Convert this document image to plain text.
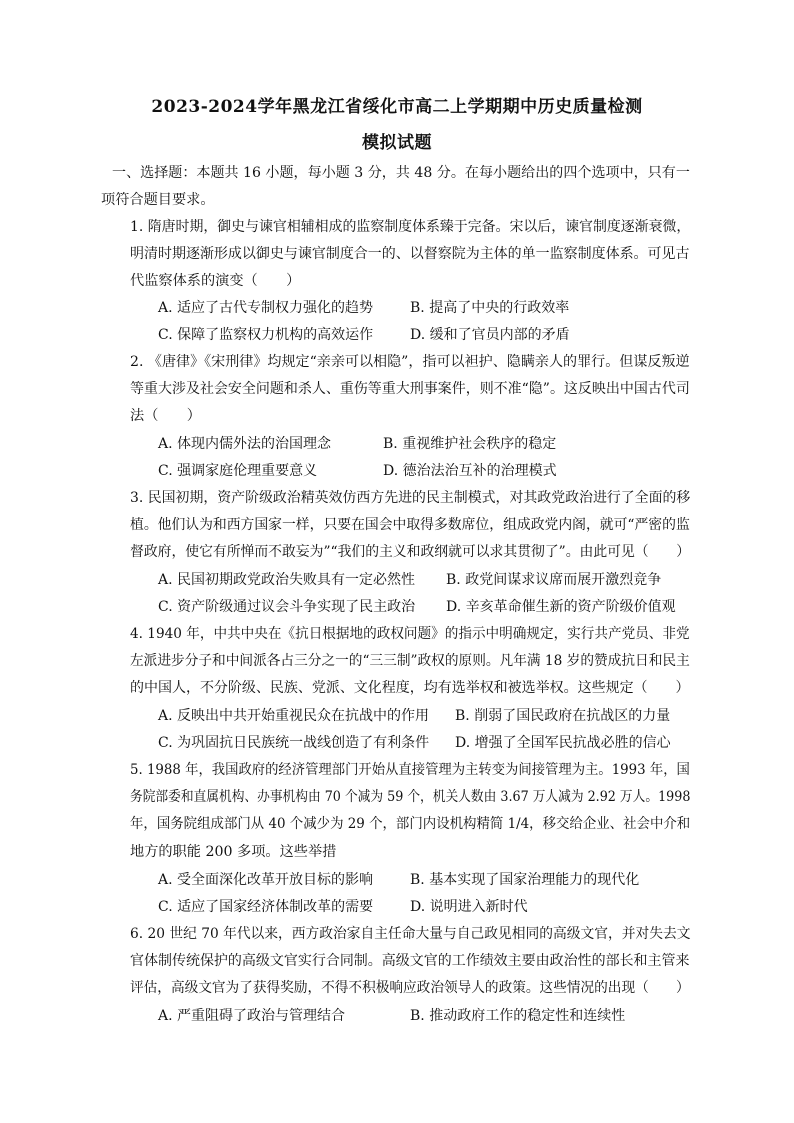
2023-2024学年黑龙江省绥化市高二上学期期中历史质量检测
模拟试题
一、选择题：本题共 16 小题，每小题 3 分，共 48 分。在每小题给出的四个选项中，只有一
项符合题目要求。
1. 隋唐时期，御史与谏官相辅相成的监察制度体系臻于完备。宋以后，谏官制度逐渐衰微，
明清时期逐渐形成以御史与谏官制度合一的、以督察院为主体的单一监察制度体系。可见古
代监察体系的演变（　　）
A. 适应了古代专制权力强化的趋势	B. 提高了中央的行政效率
C. 保障了监察权力机构的高效运作	D. 缓和了官员内部的矛盾
2. 《唐律》《宋刑律》均规定“亲亲可以相隐”，指可以袒护、隐瞒亲人的罪行。但谋反叛逆
等重大涉及社会安全问题和杀人、重伤等重大刑事案件，则不准“隐”。这反映出中国古代司
法（　　）
A. 体现内儒外法的治国理念	B. 重视维护社会秩序的稳定
C. 强调家庭伦理重要意义	D. 德治法治互补的治理模式
3. 民国初期，资产阶级政治精英效仿西方先进的民主制模式，对其政党政治进行了全面的移
植。他们认为和西方国家一样，只要在国会中取得多数席位，组成政党内阁，就可“严密的监
督政府，使它有所惮而不敢妄为”“我们的主义和政纲就可以求其贯彻了”。由此可见（　　）
A. 民国初期政党政治失败具有一定必然性 B. 政党间谋求议席而展开激烈竞争
C. 资产阶级通过议会斗争实现了民主政治 D. 辛亥革命催生新的资产阶级价值观
4. 1940 年，中共中央在《抗日根据地的政权问题》的指示中明确规定，实行共产党员、非党
左派进步分子和中间派各占三分之一的“三三制”政权的原则。凡年满 18 岁的赞成抗日和民主
的中国人，不分阶级、民族、党派、文化程度，均有选举权和被选举权。这些规定（　　）
A. 反映出中共开始重视民众在抗战中的作用 B. 削弱了国民政府在抗战区的力量
C. 为巩固抗日民族统一战线创造了有利条件 D. 增强了全国军民抗战必胜的信心
5. 1988 年，我国政府的经济管理部门开始从直接管理为主转变为间接管理为主。1993 年，国
务院部委和直属机构、办事机构由 70 个减为 59 个，机关人数由 3.67 万人减为 2.92 万人。1998
年，国务院组成部门从 40 个减少为 29 个，部门内设机构精简 1/4，移交给企业、社会中介和
地方的职能 200 多项。这些举措
A. 受全面深化改革开放目标的影响	B. 基本实现了国家治理能力的现代化
C. 适应了国家经济体制改革的需要	D. 说明进入新时代
6. 20 世纪 70 年代以来，西方政治家自主任命大量与自己政见相同的高级文官，并对失去文
官体制传统保护的高级文官实行合同制。高级文官的工作绩效主要由政治性的部长和主管来
评估，高级文官为了获得奖励，不得不积极响应政治领导人的政策。这些情况的出现（　　）
A. 严重阻碍了政治与管理结合	B. 推动政府工作的稳定性和连续性
